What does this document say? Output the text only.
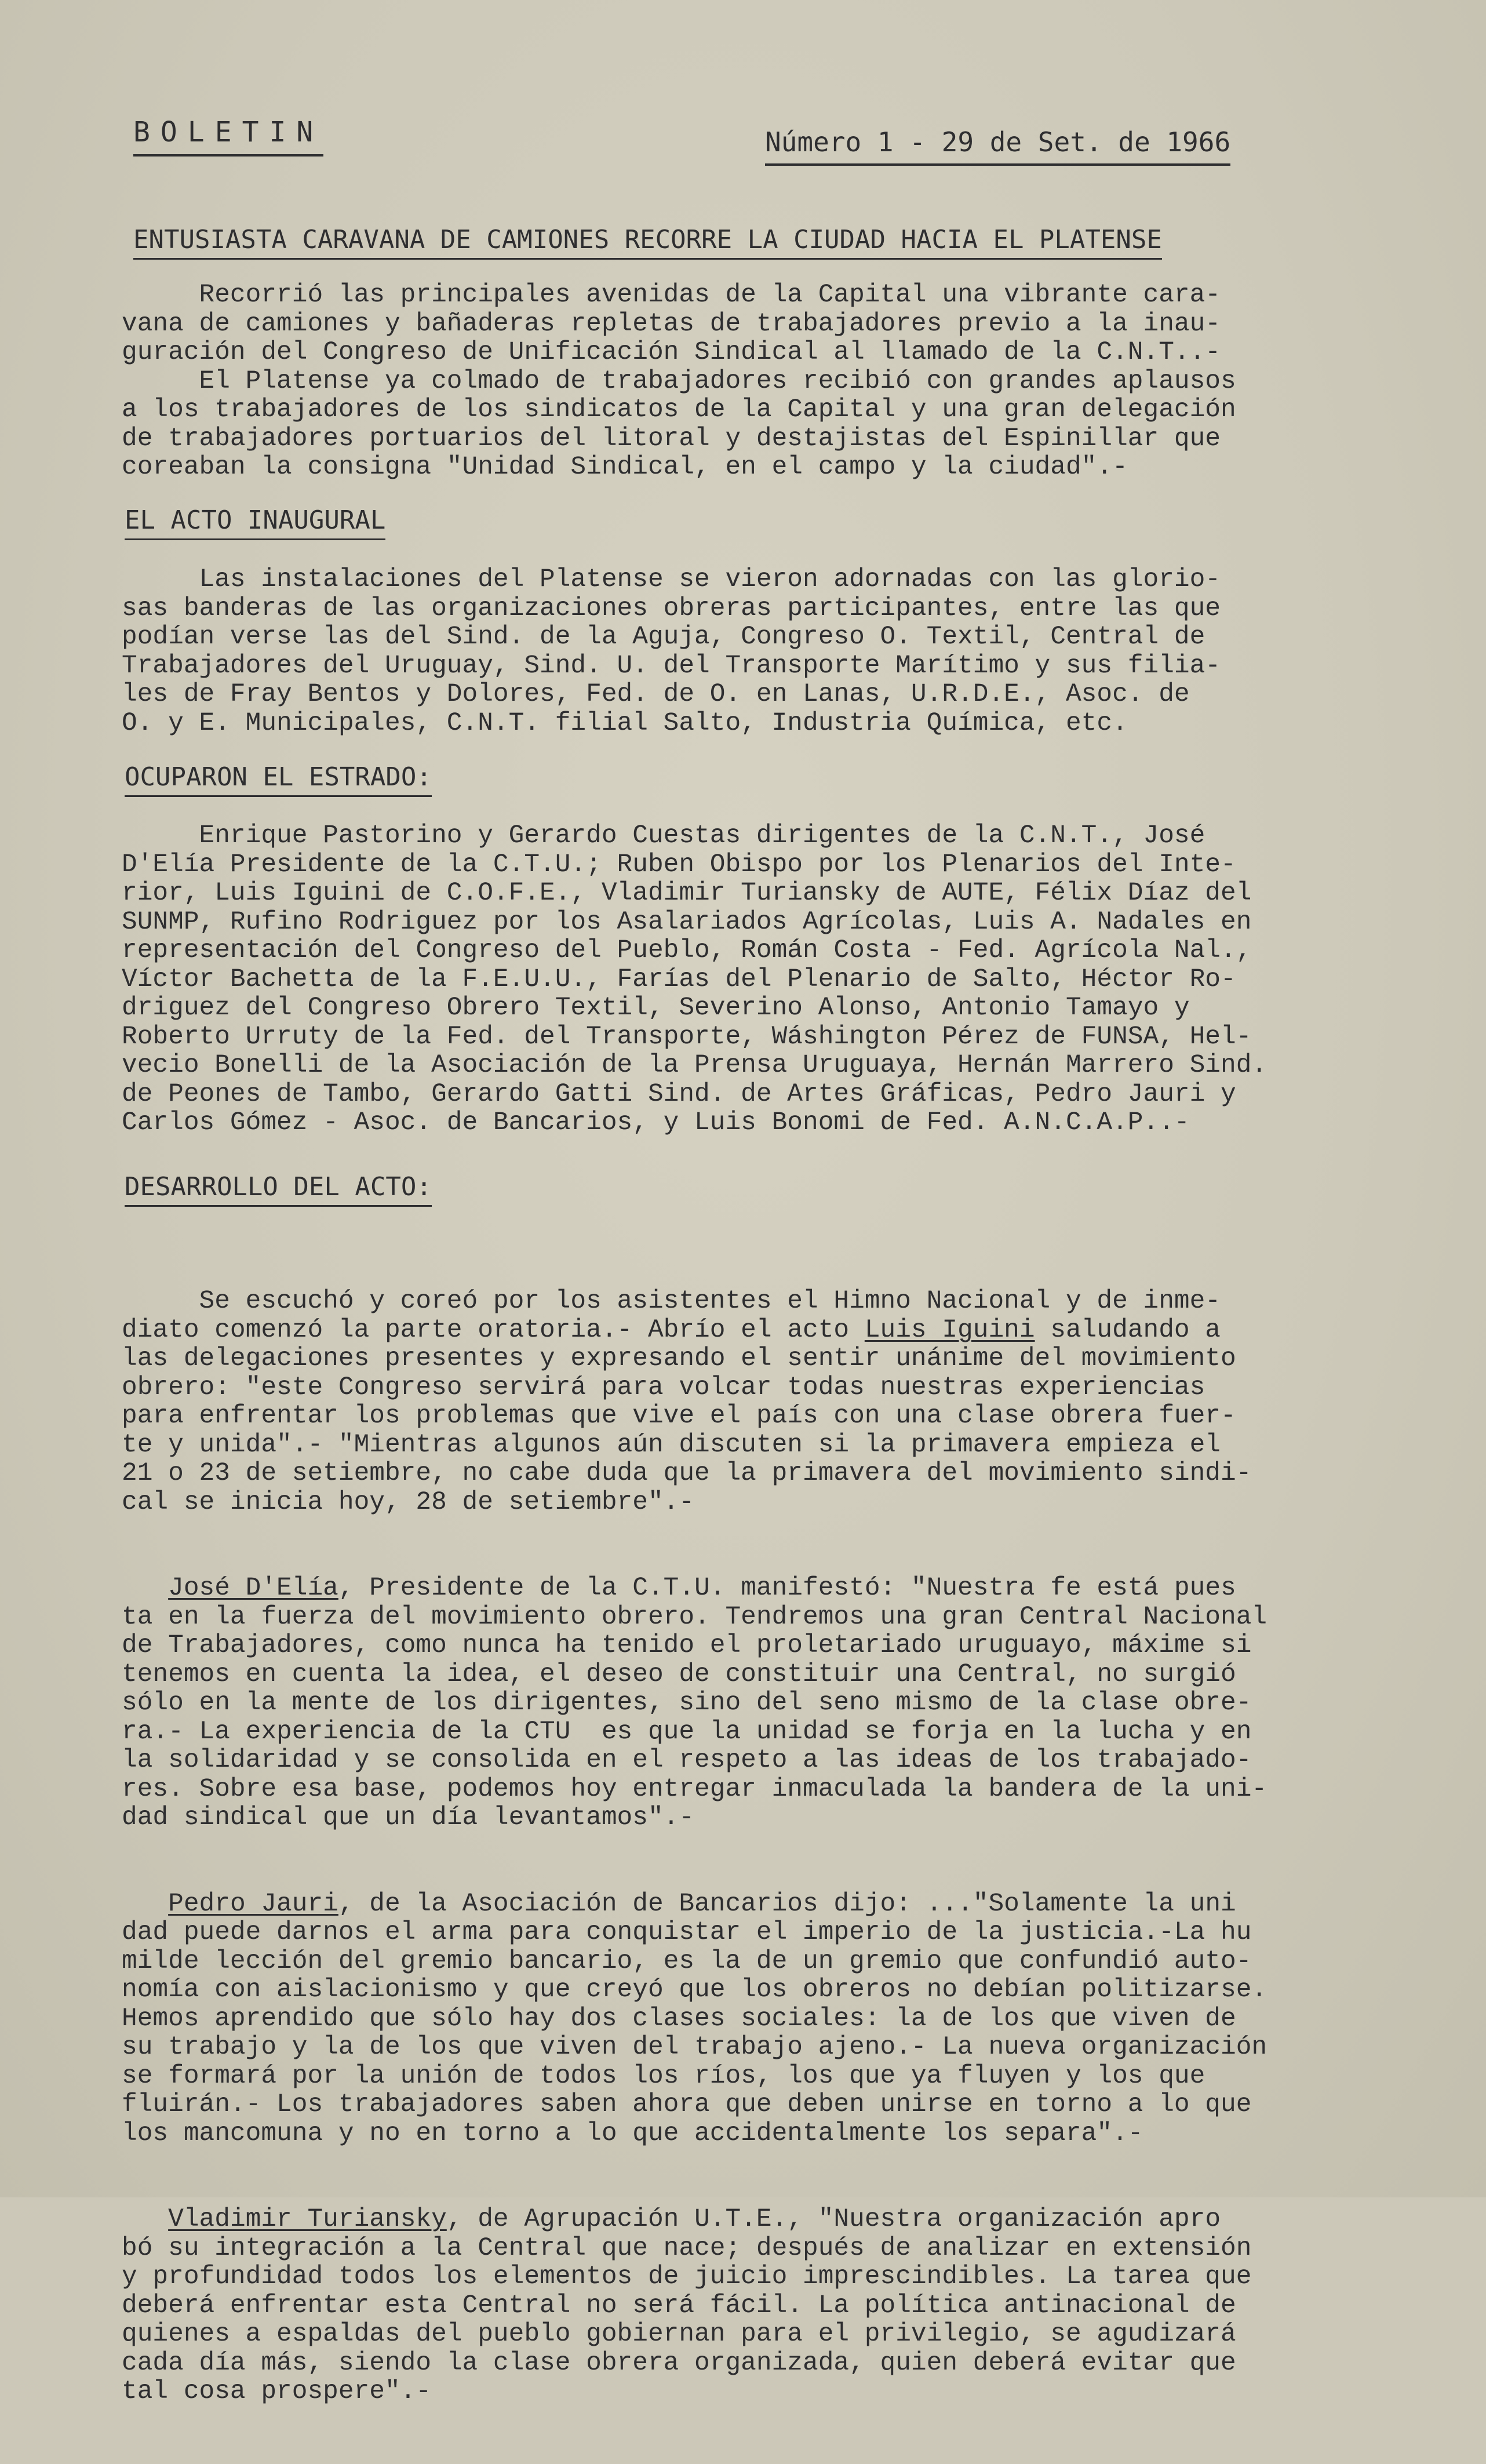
BOLETIN	Número 1 - 29 de Set. de 1966
ENTUSIASTA CARAVANA DE CAMIONES RECORRE LA CIUDAD HACIA EL PLATENSE
Recorrió las principales avenidas de la Capital una vibrante cara-
vana de camiones y bañaderas repletas de trabajadores previo a la inau-
guración del Congreso de Unificación Sindical al llamado de la C.N.T..-
El Platense ya colmado de trabajadores recibió con grandes aplausos
a los trabajadores de los sindicatos de la Capital y una gran delegación
de trabajadores portuarios del litoral y destajistas del Espinillar que
coreaban la consigna "Unidad Sindical, en el campo y la ciudad".-
EL ACTO INAUGURAL
Las instalaciones del Platense se vieron adornadas con las glorio-
sas banderas de las organizaciones obreras participantes, entre las que
podían verse las del Sind. de la Aguja, Congreso O. Textil, Central de
Trabajadores del Uruguay, Sind. U. del Transporte Marítimo y sus filia-
les de Fray Bentos y Dolores, Fed. de O. en Lanas, U.R.D.E., Asoc. de
O. y E. Municipales, C.N.T. filial Salto, Industria Química, etc.
OCUPARON EL ESTRADO:
Enrique Pastorino y Gerardo Cuestas dirigentes de la C.N.T., José
D'Elía Presidente de la C.T.U.; Ruben Obispo por los Plenarios del Inte-
rior, Luis Iguini de C.O.F.E., Vladimir Turiansky de AUTE, Félix Díaz del
SUNMP, Rufino Rodriguez por los Asalariados Agrícolas, Luis A. Nadales en
representación del Congreso del Pueblo, Román Costa - Fed. Agrícola Nal.,
Víctor Bachetta de la F.E.U.U., Farías del Plenario de Salto, Héctor Ro-
driguez del Congreso Obrero Textil, Severino Alonso, Antonio Tamayo y
Roberto Urruty de la Fed. del Transporte, Wáshington Pérez de FUNSA, Hel-
vecio Bonelli de la Asociación de la Prensa Uruguaya, Hernán Marrero Sind.
de Peones de Tambo, Gerardo Gatti Sind. de Artes Gráficas, Pedro Jauri y
Carlos Gómez - Asoc. de Bancarios, y Luis Bonomi de Fed. A.N.C.A.P..-
DESARROLLO DEL ACTO:

Se escuchó y coreó por los asistentes el Himno Nacional y de inme-
diato comenzó la parte oratoria.- Abrío el acto Luis Iguini saludando a
las delegaciones presentes y expresando el sentir unánime del movimiento
obrero: "este Congreso servirá para volcar todas nuestras experiencias
para enfrentar los problemas que vive el país con una clase obrera fuer-
te y unida".- "Mientras algunos aún discuten si la primavera empieza el
21 o 23 de setiembre, no cabe duda que la primavera del movimiento sindi-
cal se inicia hoy, 28 de setiembre".-

José D'Elía, Presidente de la C.T.U. manifestó: "Nuestra fe está pues
ta en la fuerza del movimiento obrero. Tendremos una gran Central Nacional
de Trabajadores, como nunca ha tenido el proletariado uruguayo, máxime si
tenemos en cuenta la idea, el deseo de constituir una Central, no surgió
sólo en la mente de los dirigentes, sino del seno mismo de la clase obre-
ra.- La experiencia de la CTU  es que la unidad se forja en la lucha y en
la solidaridad y se consolida en el respeto a las ideas de los trabajado-
res. Sobre esa base, podemos hoy entregar inmaculada la bandera de la uni-
dad sindical que un día levantamos".-

Pedro Jauri, de la Asociación de Bancarios dijo: ..."Solamente la uni
dad puede darnos el arma para conquistar el imperio de la justicia.-La hu
milde lección del gremio bancario, es la de un gremio que confundió auto-
nomía con aislacionismo y que creyó que los obreros no debían politizarse.
Hemos aprendido que sólo hay dos clases sociales: la de los que viven de
su trabajo y la de los que viven del trabajo ajeno.- La nueva organización
se formará por la unión de todos los ríos, los que ya fluyen y los que
fluirán.- Los trabajadores saben ahora que deben unirse en torno a lo que
los mancomuna y no en torno a lo que accidentalmente los separa".-

Vladimir Turiansky, de Agrupación U.T.E., "Nuestra organización apro
bó su integración a la Central que nace; después de analizar en extensión
y profundidad todos los elementos de juicio imprescindibles. La tarea que
deberá enfrentar esta Central no será fácil. La política antinacional de
quienes a espaldas del pueblo gobiernan para el privilegio, se agudizará
cada día más, siendo la clase obrera organizada, quien deberá evitar que
tal cosa prospere".-
